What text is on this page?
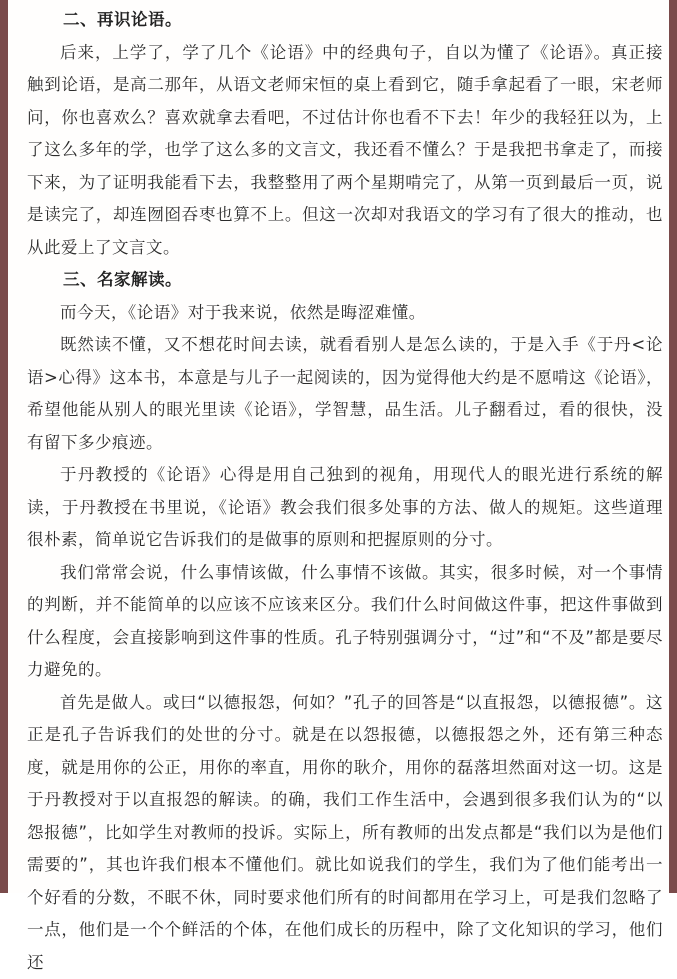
二、再识论语。

后来，上学了，学了几个《论语》中的经典句子，自以为懂了《论语》。真正接触到论语，是高二那年，从语文老师宋恒的桌上看到它，随手拿起看了一眼，宋老师问，你也喜欢么？喜欢就拿去看吧，不过估计你也看不下去！年少的我轻狂以为，上了这么多年的学，也学了这么多的文言文，我还看不懂么？于是我把书拿走了，而接下来，为了证明我能看下去，我整整用了两个星期啃完了，从第一页到最后一页，说是读完了，却连囫囵吞枣也算不上。但这一次却对我语文的学习有了很大的推动，也从此爱上了文言文。

三、名家解读。

而今天，《论语》对于我来说，依然是晦涩难懂。

既然读不懂，又不想花时间去读，就看看别人是怎么读的，于是入手《于丹<论语>心得》这本书，本意是与儿子一起阅读的，因为觉得他大约是不愿啃这《论语》，希望他能从别人的眼光里读《论语》，学智慧，品生活。儿子翻看过，看的很快，没有留下多少痕迹。

于丹教授的《论语》心得是用自己独到的视角，用现代人的眼光进行系统的解读，于丹教授在书里说，《论语》教会我们很多处事的方法、做人的规矩。这些道理很朴素，简单说它告诉我们的是做事的原则和把握原则的分寸。

我们常常会说，什么事情该做，什么事情不该做。其实，很多时候，对一个事情的判断，并不能简单的以应该不应该来区分。我们什么时间做这件事，把这件事做到什么程度，会直接影响到这件事的性质。孔子特别强调分寸，“过”和“不及”都是要尽力避免的。

首先是做人。或曰“以德报怨，何如？”孔子的回答是“以直报怨，以德报德”。这正是孔子告诉我们的处世的分寸。就是在以怨报德，以德报怨之外，还有第三种态度，就是用你的公正，用你的率直，用你的耿介，用你的磊落坦然面对这一切。这是于丹教授对于以直报怨的解读。的确，我们工作生活中，会遇到很多我们认为的“以怨报德”，比如学生对教师的投诉。实际上，所有教师的出发点都是“我们以为是他们需要的”，其也许我们根本不懂他们。就比如说我们的学生，我们为了他们能考出一个好看的分数，不眠不休，同时要求他们所有的时间都用在学习上，可是我们忽略了一点，他们是一个个鲜活的个体，在他们成长的历程中，除了文化知识的学习，他们还
